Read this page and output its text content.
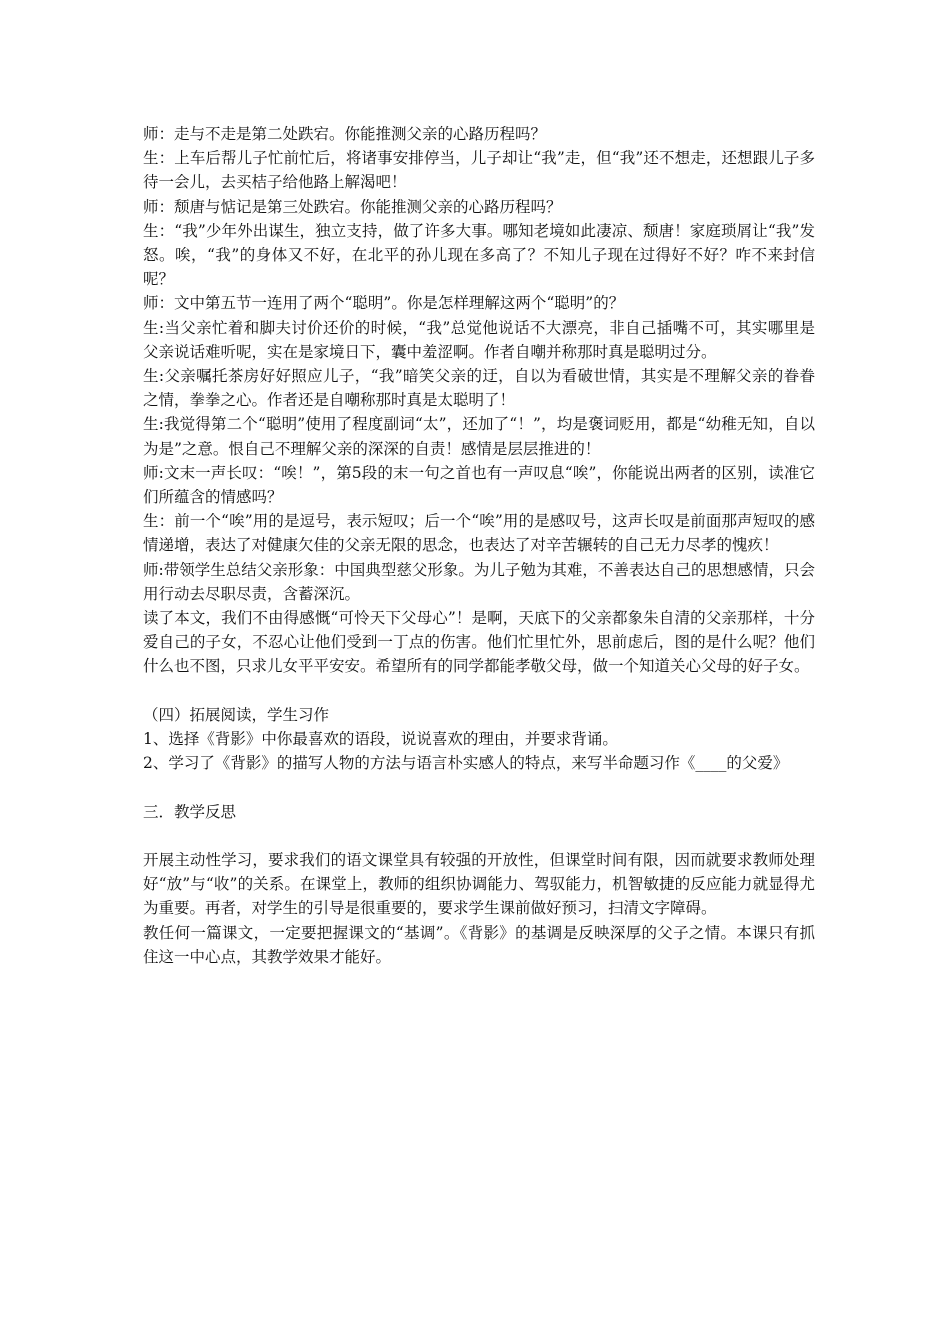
师：走与不走是第二处跌宕。你能推测父亲的心路历程吗？

生：上车后帮儿子忙前忙后，将诸事安排停当，儿子却让“我”走，但“我”还不想走，还想跟儿子多待一会儿，去买桔子给他路上解渴吧！

师：颓唐与惦记是第三处跌宕。你能推测父亲的心路历程吗？

生：“我”少年外出谋生，独立支持，做了许多大事。哪知老境如此凄凉、颓唐！家庭琐屑让“我”发怒。唉，“我”的身体又不好，在北平的孙儿现在多高了？不知儿子现在过得好不好？咋不来封信呢？

师：文中第五节一连用了两个“聪明”。你是怎样理解这两个“聪明”的？

生:当父亲忙着和脚夫讨价还价的时候，“我”总觉他说话不大漂亮，非自己插嘴不可，其实哪里是父亲说话难听呢，实在是家境日下，囊中羞涩啊。作者自嘲并称那时真是聪明过分。

生:父亲嘱托茶房好好照应儿子，“我”暗笑父亲的迂，自以为看破世情，其实是不理解父亲的眷眷之情，拳拳之心。作者还是自嘲称那时真是太聪明了！

生:我觉得第二个“聪明”使用了程度副词“太”，还加了“！”，均是褒词贬用，都是“幼稚无知，自以为是”之意。恨自己不理解父亲的深深的自责！感情是层层推进的！

师:文末一声长叹：“唉！”，第5段的末一句之首也有一声叹息“唉”，你能说出两者的区别，读准它们所蕴含的情感吗？

生：前一个“唉”用的是逗号，表示短叹；后一个“唉”用的是感叹号，这声长叹是前面那声短叹的感情递增，表达了对健康欠佳的父亲无限的思念，也表达了对辛苦辗转的自己无力尽孝的愧疚！

师:带领学生总结父亲形象：中国典型慈父形象。为儿子勉为其难，不善表达自己的思想感情，只会用行动去尽职尽责，含蓄深沉。

读了本文，我们不由得感慨“可怜天下父母心”！是啊，天底下的父亲都象朱自清的父亲那样，十分爱自己的子女，不忍心让他们受到一丁点的伤害。他们忙里忙外，思前虑后，图的是什么呢？他们什么也不图，只求儿女平平安安。希望所有的同学都能孝敬父母，做一个知道关心父母的好子女。

（四）拓展阅读，学生习作

1、选择《背影》中你最喜欢的语段，说说喜欢的理由，并要求背诵。

2、学习了《背影》的描写人物的方法与语言朴实感人的特点，来写半命题习作《____的父爱》

三．教学反思

开展主动性学习，要求我们的语文课堂具有较强的开放性，但课堂时间有限，因而就要求教师处理好“放”与“收”的关系。在课堂上，教师的组织协调能力、驾驭能力，机智敏捷的反应能力就显得尤为重要。再者，对学生的引导是很重要的，要求学生课前做好预习，扫清文字障碍。

教任何一篇课文，一定要把握课文的“基调”。《背影》的基调是反映深厚的父子之情。本课只有抓住这一中心点，其教学效果才能好。
